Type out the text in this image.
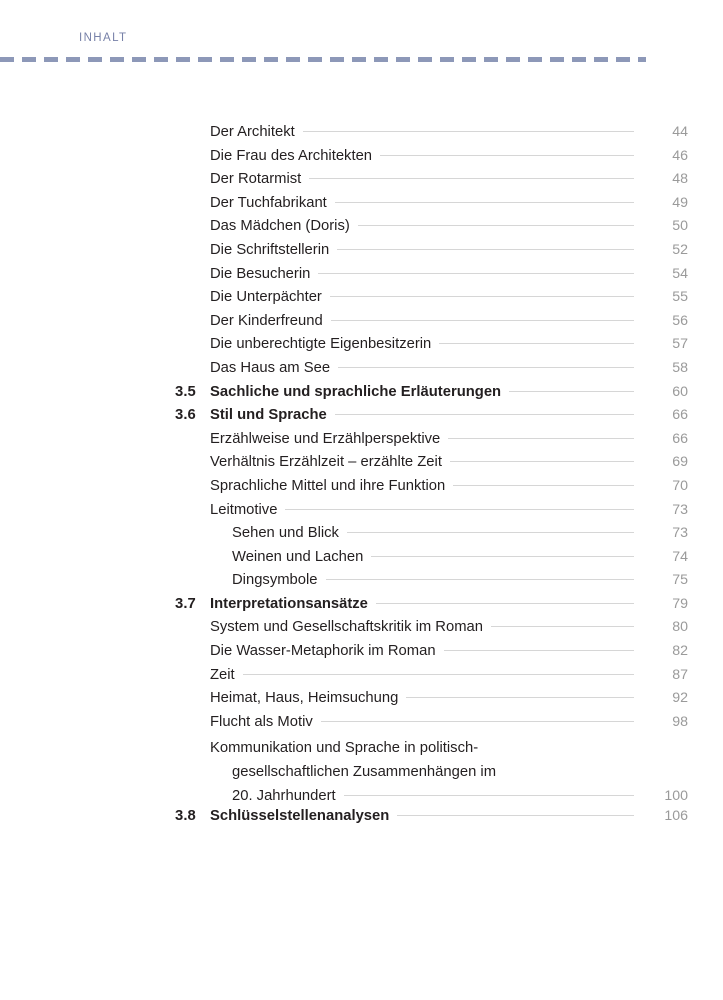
INHALT
Der Architekt	44
Die Frau des Architekten	46
Der Rotarmist	48
Der Tuchfabrikant	49
Das Mädchen (Doris)	50
Die Schriftstellerin	52
Die Besucherin	54
Die Unterpächter	55
Der Kinderfreund	56
Die unberechtigte Eigenbesitzerin	57
Das Haus am See	58
3.5 Sachliche und sprachliche Erläuterungen	60
3.6 Stil und Sprache	66
Erzählweise und Erzählperspektive	66
Verhältnis Erzählzeit – erzählte Zeit	69
Sprachliche Mittel und ihre Funktion	70
Leitmotive	73
Sehen und Blick	73
Weinen und Lachen	74
Dingsymbole	75
3.7 Interpretationsansätze	79
System und Gesellschaftskritik im Roman	80
Die Wasser-Metaphorik im Roman	82
Zeit	87
Heimat, Haus, Heimsuchung	92
Flucht als Motiv	98
Kommunikation und Sprache in politisch-
gesellschaftlichen Zusammenhängen im
20. Jahrhundert	100
3.8 Schlüsselstellenanalysen	106
